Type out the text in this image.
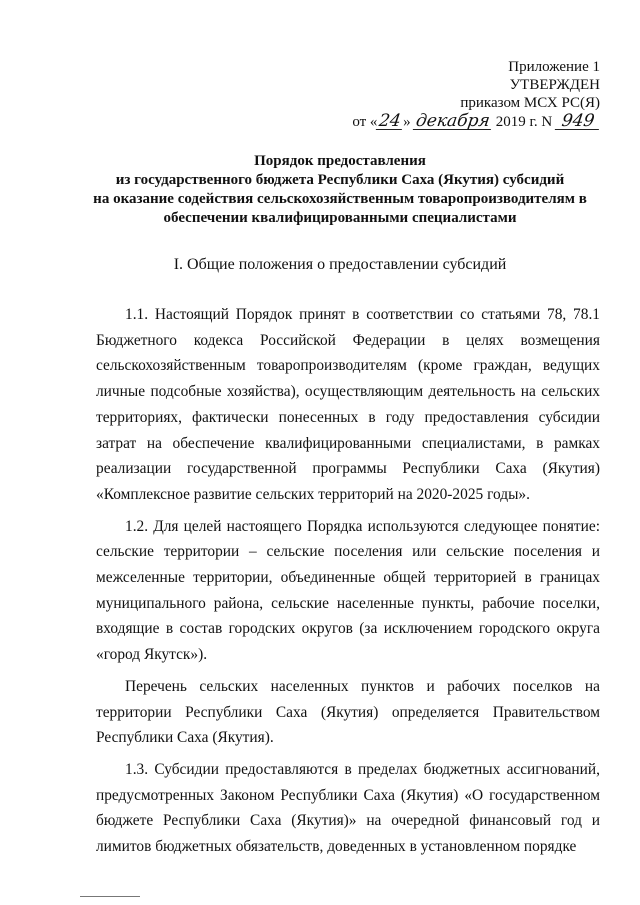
Приложение 1
УТВЕРЖДЕН
приказом МСХ РС(Я)
от «24» декабря 2019 г. N 949
Порядок предоставления
из государственного бюджета Республики Саха (Якутия) субсидий
на оказание содействия сельскохозяйственным товаропроизводителям в
обеспечении квалифицированными специалистами
I. Общие положения о предоставлении субсидий

1.1. Настоящий Порядок принят в соответствии со статьями 78, 78.1 Бюджетного кодекса Российской Федерации в целях возмещения сельскохозяйственным товаропроизводителям (кроме граждан, ведущих личные подсобные хозяйства), осуществляющим деятельность на сельских территориях, фактически понесенных в году предоставления субсидии затрат на обеспечение квалифицированными специалистами, в рамках реализации государственной программы Республики Саха (Якутия) «Комплексное развитие сельских территорий на 2020-2025 годы».

1.2. Для целей настоящего Порядка используются следующее понятие: сельские территории – сельские поселения или сельские поселения и межселенные территории, объединенные общей территорией в границах муниципального района, сельские населенные пункты, рабочие поселки, входящие в состав городских округов (за исключением городского округа «город Якутск»).

Перечень сельских населенных пунктов и рабочих поселков на территории Республики Саха (Якутия) определяется Правительством Республики Саха (Якутия).

1.3. Субсидии предоставляются в пределах бюджетных ассигнований, предусмотренных Законом Республики Саха (Якутия) «О государственном бюджете Республики Саха (Якутия)» на очередной финансовый год и лимитов бюджетных обязательств, доведенных в установленном порядке
